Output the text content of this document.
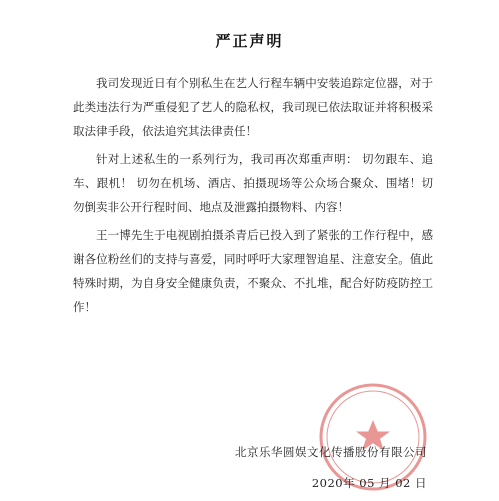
严正声明

我司发现近日有个别私生在艺人行程车辆中安装追踪定位器，对于此类违法行为严重侵犯了艺人的隐私权，我司现已依法取证并将积极采取法律手段，依法追究其法律责任！

针对上述私生的一系列行为，我司再次郑重声明： 切勿跟车、追车、跟机！ 切勿在机场、酒店、拍摄现场等公众场合聚众、围堵！切勿倒卖非公开行程时间、地点及泄露拍摄物料、内容！

王一博先生于电视剧拍摄杀青后已投入到了紧张的工作行程中，感谢各位粉丝们的支持与喜爱，同时呼吁大家理智追星、注意安全。值此特殊时期，为自身安全健康负责，不聚众、不扎堆，配合好防疫防控工作！

北京乐华圆娱文化传播股份有限公司
2020年 05 月 02 日
